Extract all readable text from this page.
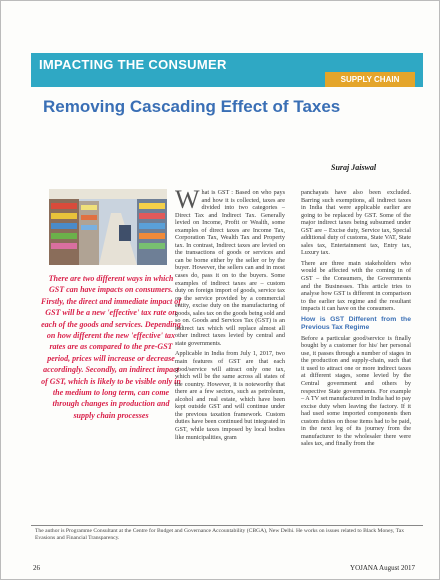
IMPACTING THE CONSUMER
SUPPLY CHAIN
Removing Cascading Effect of Taxes
Suraj Jaiswal
There are two different ways in which GST can have impacts on consumers. Firstly, the direct and immediate impact of GST will be a new 'effective' tax rate on each of the goods and services. Depending on how different the new 'effective' tax rates are as compared to the pre-GST period, prices will increase or decrease accordingly. Secondly, an indirect impact of GST, which is likely to be visible only in the medium to long term, can come through changes in production and supply chain processes

What is GST : Based on who pays and how it is collected, taxes are divided into two categories – Direct Tax and Indirect Tax. Generally levied on Income, Profit or Wealth, some examples of direct taxes are Income Tax, Corporation Tax, Wealth Tax and Property tax. In contrast, Indirect taxes are levied on the transactions of goods or services and can be borne either by the seller or by the buyer. However, the sellers can and in most cases do, pass it on to the buyers. Some examples of indirect taxes are – custom duty on foreign import of goods, service tax on the service provided by a commercial entity, excise duty on the manufacturing of goods, sales tax on the goods being sold and so on. Goods and Services Tax (GST) is an indirect tax which will replace almost all other indirect taxes levied by central and state governments.

Applicable in India from July 1, 2017, two main features of GST are that each good/service will attract only one tax, which will be the same across all states of the country. However, it is noteworthy that there are a few sectors, such as petroleum, alcohol and real estate, which have been kept outside GST and will continue under the previous taxation framework. Custom duties have been continued but integrated in GST, while taxes imposed by local bodies like municipalities, gram

panchayats have also been excluded. Barring such exemptions, all indirect taxes in India that were applicable earlier are going to be replaced by GST. Some of the major indirect taxes being subsumed under GST are – Excise duty, Service tax, Special additional duty of customs, State VAT, State sales tax, Entertainment tax, Entry tax, Luxury tax.

There are three main stakeholders who would be affected with the coming in of GST – the Consumers, the Governments and the Businesses. This article tries to analyse how GST is different in comparison to the earlier tax regime and the resultant impacts it can have on the consumers.

How is GST Different from the Previous Tax Regime

Before a particular good/service is finally bought by a customer for his/ her personal use, it passes through a number of stages in the production and supply-chain, such that it used to attract one or more indirect taxes at different stages, some levied by the Central government and others by respective State governments. For example – A TV set manufactured in India had to pay excise duty when leaving the factory. If it had used some imported components then custom duties on those items had to be paid, in the next leg of its journey from the manufacturer to the wholesaler there were sales tax, and finally from the

The author is Programme Consultant at the Centre for Budget and Governance Accountability (CBGA), New Delhi. He works on issues related to Black Money, Tax Evasions and Financial Transparency.
26	YOJANA August 2017
